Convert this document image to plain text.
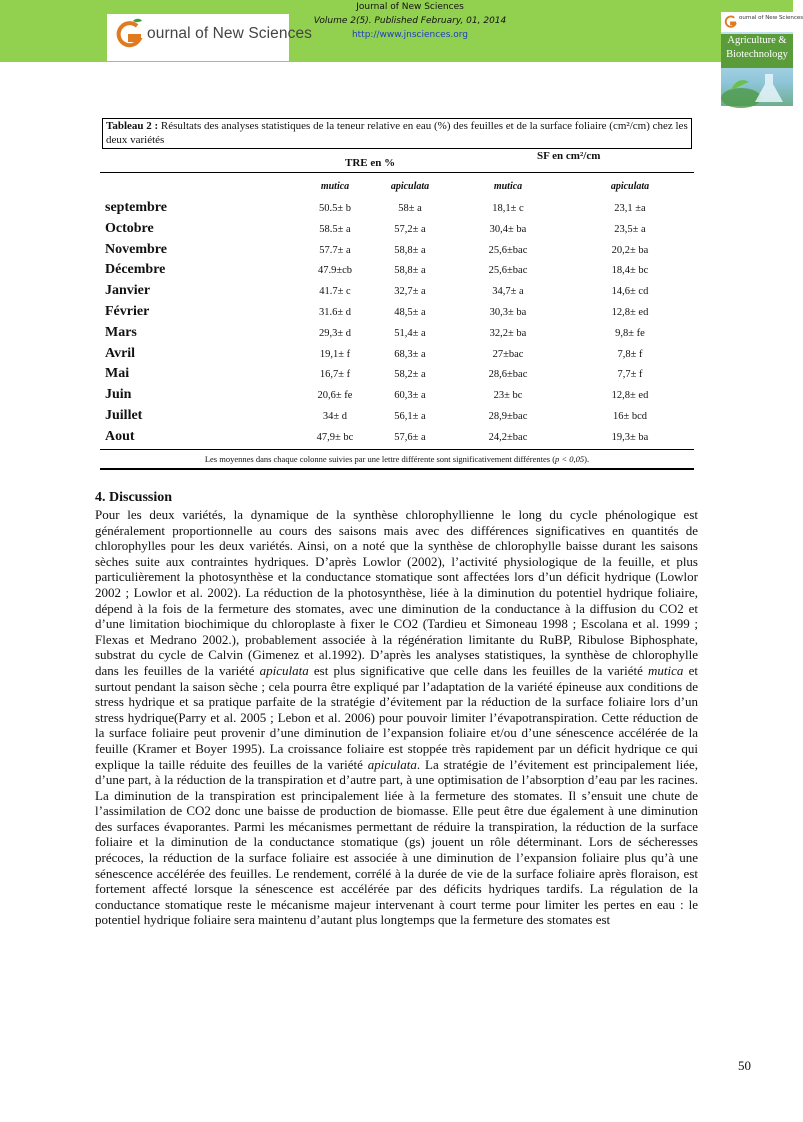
ournal of New Sciences
Journal of New Sciences
Volume 2(5). Published February, 01, 2014
http://www.jnsciences.org
ournal of New Sciences
Agriculture &
Biotechnology
Tableau 2 : Résultats des analyses statistiques de la teneur relative en eau (%) des feuilles et de la surface foliaire (cm²/cm) chez les deux variétés
TRE en %
SF en cm²/cm
mutica	apiculata	mutica	apiculata
septembre	50.5± b	58± a	18,1± c	23,1 ±a
Octobre	58.5± a	57,2± a	30,4± ba	23,5± a
Novembre	57.7± a	58,8± a	25,6±bac	20,2± ba
Décembre	47.9±cb	58,8± a	25,6±bac	18,4± bc
Janvier	41.7± c	32,7± a	34,7± a	14,6± cd
Février	31.6± d	48,5± a	30,3± ba	12,8± ed
Mars	29,3± d	51,4± a	32,2± ba	9,8± fe
Avril	19,1± f	68,3± a	27±bac	7,8± f
Mai	16,7± f	58,2± a	28,6±bac	7,7± f
Juin	20,6± fe	60,3± a	23± bc	12,8± ed
Juillet	34± d	56,1± a	28,9±bac	16± bcd
Aout	47,9± bc	57,6± a	24,2±bac	19,3± ba
Les moyennes dans chaque colonne suivies par une lettre différente sont significativement différentes (p < 0,05).
4. Discussion

Pour les deux variétés, la dynamique de la synthèse chlorophyllienne le long du cycle phénologique est généralement proportionnelle au cours des saisons mais avec des différences significatives en quantités de chlorophylles pour les deux variétés. Ainsi, on a noté que la synthèse de chlorophylle baisse durant les saisons sèches suite aux contraintes hydriques. D’après Lowlor (2002), l’activité physiologique de la feuille, et plus particulièrement la photosynthèse et la conductance stomatique sont affectées lors d’un déficit hydrique (Lowlor 2002 ; Lowlor et al. 2002). La réduction de la photosynthèse, liée à la diminution du potentiel hydrique foliaire, dépend à la fois de la fermeture des stomates, avec une diminution de la conductance à la diffusion du CO2 et d’une limitation biochimique du chloroplaste à fixer le CO2 (Tardieu et Simoneau 1998 ; Escolana et al. 1999 ; Flexas et Medrano 2002.), probablement associée à la régénération limitante du RuBP, Ribulose Biphosphate, substrat du cycle de Calvin (Gimenez et al.1992). D’après les analyses statistiques, la synthèse de chlorophylle dans les feuilles de la variété apiculata est plus significative que celle dans les feuilles de la variété mutica et surtout pendant la saison sèche ; cela pourra être expliqué par l’adaptation de la variété épineuse aux conditions de stress hydrique et sa pratique parfaite de la stratégie d’évitement par la réduction de la surface foliaire lors d’un stress hydrique(Parry et al. 2005 ; Lebon et al. 2006) pour pouvoir limiter l’évapotranspiration. Cette réduction de la surface foliaire peut provenir d’une diminution de l’expansion foliaire et/ou d’une sénescence accélérée de la feuille (Kramer et Boyer 1995). La croissance foliaire est stoppée très rapidement par un déficit hydrique ce qui explique la taille réduite des feuilles de la variété apiculata. La stratégie de l’évitement est principalement liée, d’une part, à la réduction de la transpiration et d’autre part, à une optimisation de l’absorption d’eau par les racines. La diminution de la transpiration est principalement liée à la fermeture des stomates. Il s’ensuit une chute de l’assimilation de CO2 donc une baisse de production de biomasse. Elle peut être due également à une diminution des surfaces évaporantes. Parmi les mécanismes permettant de réduire la transpiration, la réduction de la surface foliaire et la diminution de la conductance stomatique (gs) jouent un rôle déterminant. Lors de sécheresses précoces, la réduction de la surface foliaire est associée à une diminution de l’expansion foliaire plus qu’à une sénescence accélérée des feuilles. Le rendement, corrélé à la durée de vie de la surface foliaire après floraison, est fortement affecté lorsque la sénescence est accélérée par des déficits hydriques tardifs. La régulation de la conductance stomatique reste le mécanisme majeur intervenant à court terme pour limiter les pertes en eau : le potentiel hydrique foliaire sera maintenu d’autant plus longtemps que la fermeture des stomates est

50
